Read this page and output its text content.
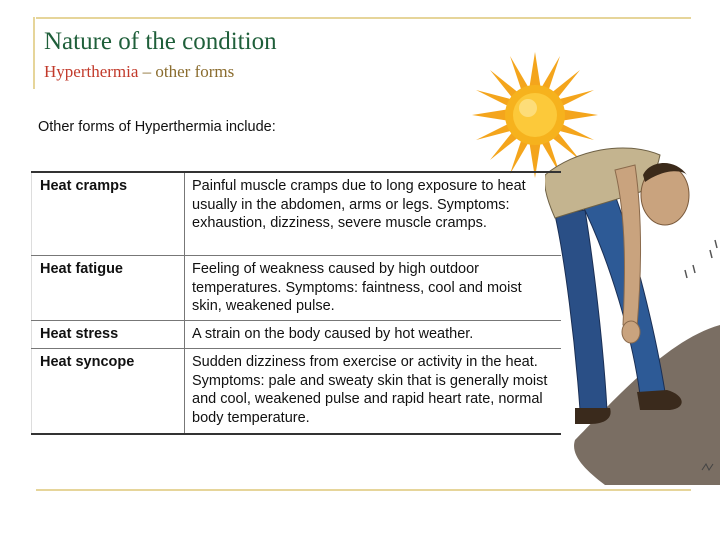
Nature of the condition
Hyperthermia – other forms
Other forms of Hyperthermia include:
Heat cramps	Painful muscle cramps due to long exposure to heat usually in the abdomen, arms or legs. Symptoms: exhaustion, dizziness, severe muscle cramps.
Heat fatigue	Feeling of weakness caused by high outdoor temperatures. Symptoms: faintness, cool and moist skin, weakened pulse.
Heat stress	A strain on the body caused by hot weather.
Heat syncope	Sudden dizziness from exercise or activity in the heat. Symptoms: pale and sweaty skin that is generally moist and cool, weakened pulse and rapid heart rate, normal body temperature.
